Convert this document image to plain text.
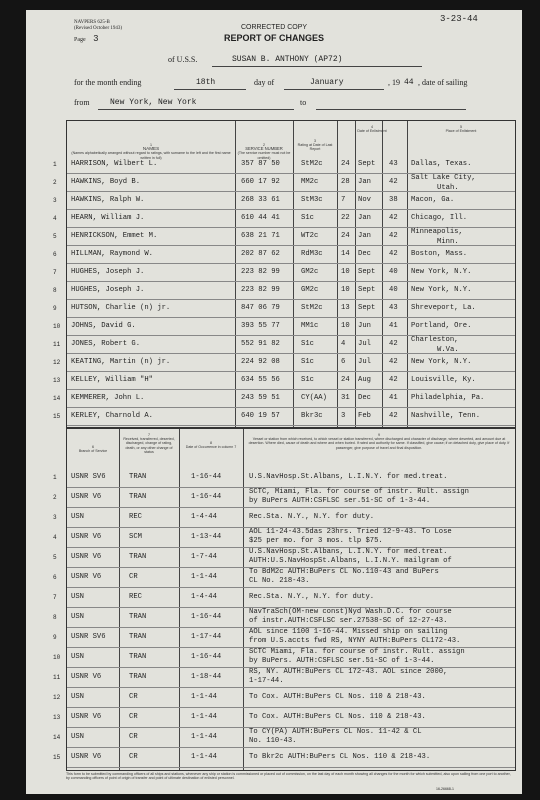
NAVPERS 625-B
(Revised October 1943)
Page 3
3-23-44
CORRECTED COPY
REPORT OF CHANGES
of U.S.S.	SUSAN B. ANTHONY (AP72)
for the month ending	18th	day of	January	, 19 44 , date of sailing
from	New York, New York	to
1
NAMES
(Names alphabetically arranged without regard to ratings, with surname to the left and the first name written in full)
2
SERVICE NUMBER
(The service number must not be omitted)
3
Rating at Date of Last Report
4
Date of Enlistment
5
Place of Enlistment
1 HARRISON, Wilbert L.	357 87 50	StM2c	24 Sept 43 Dallas, Texas.
2 HAWKINS, Boyd B.	660 17 92	MM2c	28 Jan	42 Salt Lake City,
Utah.
3 HAWKINS, Ralph W.	268 33 61	StM3c	7 Nov	38 Macon, Ga.
4 HEARN, William J.	610 44 41	S1c	22 Jan	42 Chicago, Ill.
5 HENRICKSON, Emmet M.	638 21 71	WT2c	24 Jan	42 Minneapolis,
Minn.
6 HILLMAN, Raymond W.	202 87 62	RdM3c	14 Dec	42 Boston, Mass.
7 HUGHES, Joseph J.	223 82 99	GM2c	10 Sept 40 New York, N.Y.
8 HUGHES, Joseph J.	223 82 99	GM2c	10 Sept 40 New York, N.Y.
9 HUTSON, Charlie (n) jr.	847 06 79	StM2c	13 Sept 43 Shreveport, La.
10 JOHNS, David G.	393 55 77	MM1c	10 Jun	41 Portland, Ore.
11 JONES, Robert G.	552 91 82	S1c	4 Jul	42 Charleston,
W.Va.
12 KEATING, Martin (n) jr.	224 92 08	S1c	6 Jul	42 New York, N.Y.
13 KELLEY, William "H"	634 55 56	S1c	24 Aug	42 Louisville, Ky.
14 KEMMERER, John L.	243 59 51	CY(AA) 31 Dec	41 Philadelphia, Pa.
15 KERLEY, Charnold A.	640 19 57	Bkr3c	3 Feb	42 Nashville, Tenn.
6
Branch of Service
7
Received, transferred, deserted, discharged, change of rating, death, or any other change of status
8
Date of Occurrence in column 7
9
Vessel or station from which received, to which vessel or station transferred, where discharged and character of discharge, where deserted, and amount due at desertion. Where died, cause of death and where and when buried. If rated and authority for same. If classified, give cause; if on detached duty, give place of duty. If passenger, give purpose of travel and final disposition.
1 USNR SV6	TRAN	1-16-44	U.S.NavHosp.St.Albans, L.I.N.Y. for med.treat.
2 USNR V6	TRAN	1-16-44
SCTC, Miami, Fla. for course of instr. Rult. assign
by BuPers AUTH:CSFLSC ser.51-SC of 1-3-44.
3 USN	REC	1-4-44	Rec.Sta. N.Y., N.Y. for duty.
4 USNR V6	SCM	1-13-44
AOL 11-24-43.5das 23hrs. Tried 12-9-43. To Lose
$25 per mo. for 3 mos. tlp $75.
5 USNR V6	TRAN	1-7-44
U.S.NavHosp.St.Albans, L.I.N.Y. for med.treat.
AUTH:U.S.NavHospSt.Albans, L.I.N.Y. mailgram of
6 USNR V6	CR	1-1-44
To BdM2c AUTH:BuPers CL No.110-43 and BuPers
CL No. 218-43.
7 USN	REC	1-4-44	Rec.Sta. N.Y., N.Y. for duty.
8 USN	TRAN	1-16-44
NavTraSch(OM-new const)Nyd Wash.D.C. for course
of instr.AUTH:CSFLSC ser.27538-SC of 12-27-43.
9 USNR SV6	TRAN	1-17-44
AOL since 1100 1-16-44. Missed ship on sailing
from U.S.accts fwd RS, NYNY AUTH:BuPers CL172-43.
10 USN	TRAN	1-16-44
SCTC Miami, Fla. for course of instr. Rult. assign
by BuPers. AUTH:CSFLSC ser.51-SC of 1-3-44.
11 USNR V6	TRAN	1-18-44
RS, NY. AUTH:BuPers CL 172-43. AOL since 2000,
1-17-44.
12 USN	CR	1-1-44	To Cox. AUTH:BuPers CL Nos. 110 & 218-43.
13 USNR V6	CR	1-1-44	To Cox. AUTH:BuPers CL Nos. 110 & 218-43.
14 USN	CR	1-1-44
To CY(PA) AUTH:BuPers CL Nos. 11-42 & CL
No. 110-43.
15 USNR V6	CR	1-1-44	To Bkr2c AUTH:BuPers CL Nos. 110 & 218-43.
This form to be submitted by commanding officers of all ships and stations, whenever any ship or station is commissioned or placed out of commission, on the last day of each month showing all changes for the month for which submitted, also upon sailing from one port to another, by commanding officers of point of origin of transfer and point of ultimate destination of enlisted personnel.
16-26668-1
